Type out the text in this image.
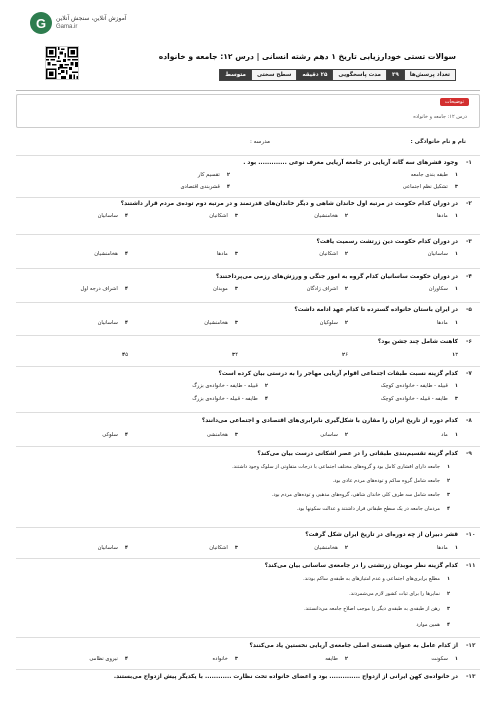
G	آموزش آنلاین، سنجش آنلاین
Gama.ir
سوالات تستی خودارزیابی تاریخ ۱ دهم رشته انسانی | درس ۱۲: جامعه و خانواده
تعداد پرسش‌ها
۲۹
مدت پاسخگویی
۲۵ دقیقه
سطح سختی
متوسط
توضیحات
درس ۱۲: جامعه و خانواده
نام و نام خانوادگی :
مدرسه :
۱-
وجود قشرهای سه گانه آریایی در جامعه آریایی معرف نوعی ............. بود .
۱طبقه بندی جامعه
۲تقسیم کار
۳تشکیل نظم اجتماعی
۴قشربندی اقتصادی
۲-
در دوران کدام حکومت در مرتبه اول خاندان شاهی و دیگر خاندان‌های قدرتمند و در مرتبه دوم توده‌ی مردم قرار داشتند؟
۱مادها
۲هخامنشیان
۳اشکانیان
۴ساسانیان
۳-
در دوران کدام حکومت دین زرتشت رسمیت یافت؟
۱ساسانیان
۲اشکانیان
۳مادها
۴هخامنشیان
۴-
در دوران حکومت ساسانیان کدام گروه به امور جنگی و ورزش‌های رزمی می‌پرداختند؟
۱سکاوران
۲اشراف زادگان
۳موبدان
۴اشراف درجه اول
۵-
در ایران باستان خانواده گسترده تا کدام عهد ادامه داشت؟
۱مادها
۲سلوکیان
۳هخامنشیان
۴ساسانیان
۶-
کاهنت شامل چند جشن بود؟
۱۳
۲۶
۳۴
۴۵
۷-
کدام گزینه نسبت طبقات اجتماعی اقوام آریایی مهاجر را به درستی بیان کرده است؟
۱قبیله - طایفه - خانواده‌ی کوچک
۲قبیله - طایفه - خانواده‌ی بزرگ
۳طایفه - قبیله - خانواده‌ی کوچک
۴طایفه - قبیله - خانواده‌ی بزرگ
۸-
کدام دوره از تاریخ ایران را مقارن با شکل‌گیری نابرابری‌های اقتصادی و اجتماعی می‌دانند؟
۱ماد
۲ساسانی
۳هخامنشی
۴سلوکی
۹-
کدام گزینه تقسیم‌بندی طبقاتی را در عصر اشکانی درست بیان می‌کند؟
۱جامعه دارای اقشاری کامل بود و گروه‌های مختلف اجتماعی با درجات متفاوتی از سلوک وجود داشتند.
۲جامعه شامل گروه ساکم و توده‌های مردم عادی بود.
۳جامعه شامل سه طرف کلی خاندان شاهی، گروه‌های مذهبی و توده‌های مردم بود.
۴مردمان جامعه در یک سطح طبقاتی قرار داشتند و عدالت سکونها بود.
۱۰-
قشر دبیران از چه دوره‌ای در تاریخ ایران شکل گرفت؟
۱مادها
۲هخامنشیان
۳اشکانیان
۴ساسانیان
۱۱-
کدام گزینه نظر موبدان زرتشتی را در جامعه‌ی ساسانی بیان می‌کند؟
۱مطلع برابری‌های اجتماعی و عدم امتیازهای به طبقه‌ی ساکم بودند.
۲نمایرها را برای ثبات کشور لازم می‌شمردند.
۳رهن از طبقه‌ی به طبقه‌ی دیگر را موجب اصلاح جامعه می‌دانستند.
۴همین موارد
۱۲-
از کدام عامل به عنوان هسته‌ی اصلی جامعه‌ی آریایی نخستین یاد می‌کنند؟
۱سکونت
۲طایفه
۳خانواده
۴نیروی نظامی
۱۳-
در خانواده‌ی کهن ایرانی از ازدواج .............. بود و اعضای خانواده تحت نظارت ............ با یکدیگر پیش ازدواج می‌بستند.
